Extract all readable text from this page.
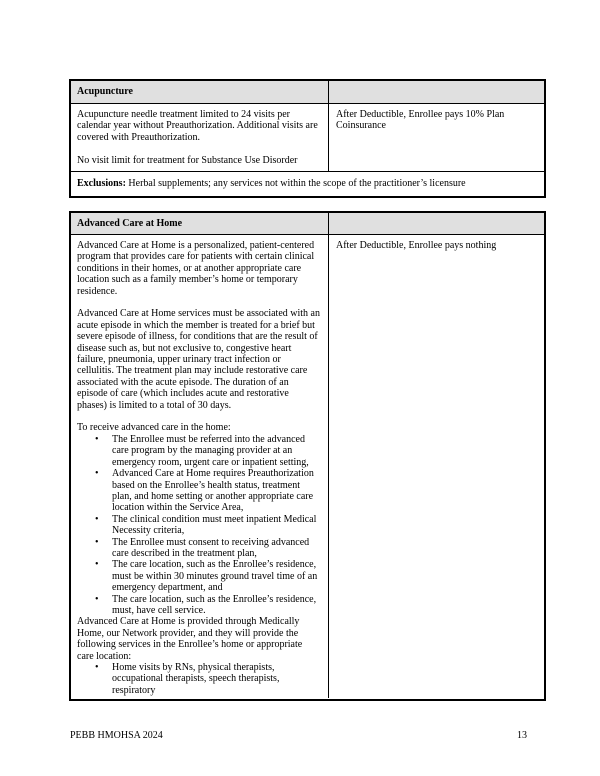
Acupuncture

Acupuncture needle treatment limited to 24 visits per calendar year without Preauthorization. Additional visits are covered with Preauthorization.

No visit limit for treatment for Substance Use Disorder

After Deductible, Enrollee pays 10% Plan Coinsurance

Exclusions: Herbal supplements; any services not within the scope of the practitioner’s licensure
Advanced Care at Home

Advanced Care at Home is a personalized, patient-centered program that provides care for patients with certain clinical conditions in their homes, or at another appropriate care location such as a family member’s home or temporary residence.

Advanced Care at Home services must be associated with an acute episode in which the member is treated for a brief but severe episode of illness, for conditions that are the result of disease such as, but not exclusive to, congestive heart failure, pneumonia, upper urinary tract infection or cellulitis. The treatment plan may include restorative care associated with the acute episode. The duration of an episode of care (which includes acute and restorative phases) is limited to a total of 30 days.

To receive advanced care in the home:

• The Enrollee must be referred into the advanced care program by the managing provider at an emergency room, urgent care or inpatient setting,
• Advanced Care at Home requires Preauthorization based on the Enrollee’s health status, treatment plan, and home setting or another appropriate care location within the Service Area,
• The clinical condition must meet inpatient Medical Necessity criteria,
• The Enrollee must consent to receiving advanced care described in the treatment plan,
• The care location, such as the Enrollee’s residence, must be within 30 minutes ground travel time of an emergency department, and
• The care location, such as the Enrollee’s residence, must, have cell service.

Advanced Care at Home is provided through Medically Home, our Network provider, and they will provide the following services in the Enrollee’s home or appropriate care location:

• Home visits by RNs, physical therapists, occupational therapists, speech therapists, respiratory

After Deductible, Enrollee pays nothing

PEBB HMOHSA 2024	13
